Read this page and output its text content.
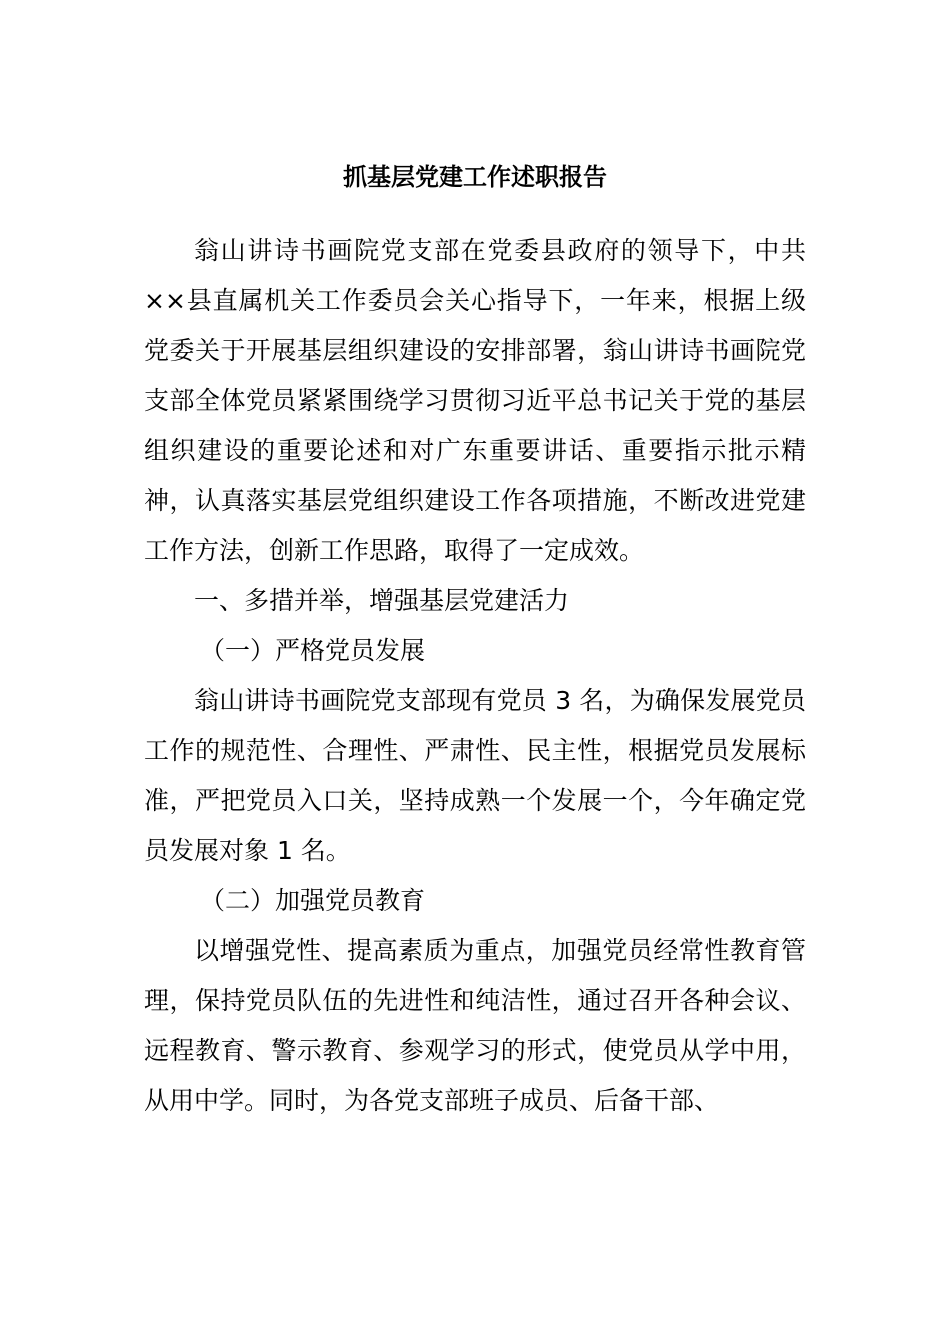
抓基层党建工作述职报告

翁山讲诗书画院党支部在党委县政府的领导下，中共××县直属机关工作委员会关心指导下，一年来，根据上级党委关于开展基层组织建设的安排部署，翁山讲诗书画院党支部全体党员紧紧围绕学习贯彻习近平总书记关于党的基层组织建设的重要论述和对广东重要讲话、重要指示批示精神，认真落实基层党组织建设工作各项措施，不断改进党建工作方法，创新工作思路，取得了一定成效。

一、多措并举，增强基层党建活力

（一）严格党员发展

翁山讲诗书画院党支部现有党员 3 名，为确保发展党员工作的规范性、合理性、严肃性、民主性，根据党员发展标准，严把党员入口关，坚持成熟一个发展一个，今年确定党员发展对象 1 名。

（二）加强党员教育

以增强党性、提高素质为重点，加强党员经常性教育管理，保持党员队伍的先进性和纯洁性，通过召开各种会议、远程教育、警示教育、参观学习的形式，使党员从学中用，从用中学。同时，为各党支部班子成员、后备干部、
